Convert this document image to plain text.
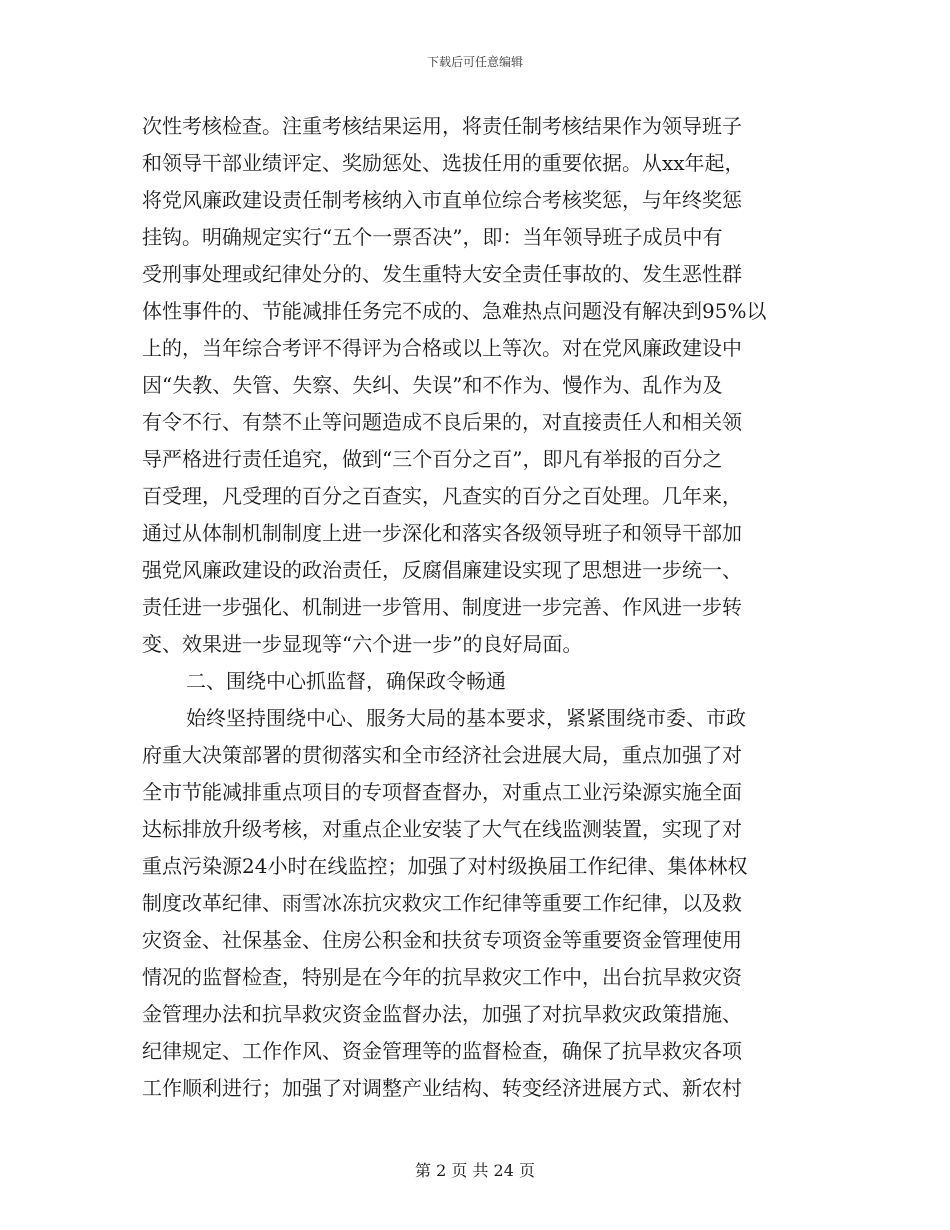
下载后可任意编辑
次性考核检查。注重考核结果运用，将责任制考核结果作为领导班子
和领导干部业绩评定、奖励惩处、选拔任用的重要依据。从xx年起，
将党风廉政建设责任制考核纳入市直单位综合考核奖惩，与年终奖惩
挂钩。明确规定实行“五个一票否决”，即：当年领导班子成员中有
受刑事处理或纪律处分的、发生重特大安全责任事故的、发生恶性群
体性事件的、节能减排任务完不成的、急难热点问题没有解决到95%以
上的，当年综合考评不得评为合格或以上等次。对在党风廉政建设中
因“失教、失管、失察、失纠、失误”和不作为、慢作为、乱作为及
有令不行、有禁不止等问题造成不良后果的，对直接责任人和相关领
导严格进行责任追究，做到“三个百分之百”，即凡有举报的百分之
百受理，凡受理的百分之百查实，凡查实的百分之百处理。几年来，
通过从体制机制制度上进一步深化和落实各级领导班子和领导干部加
强党风廉政建设的政治责任，反腐倡廉建设实现了思想进一步统一、
责任进一步强化、机制进一步管用、制度进一步完善、作风进一步转
变、效果进一步显现等“六个进一步”的良好局面。
二、围绕中心抓监督，确保政令畅通
始终坚持围绕中心、服务大局的基本要求，紧紧围绕市委、市政
府重大决策部署的贯彻落实和全市经济社会进展大局，重点加强了对
全市节能减排重点项目的专项督查督办，对重点工业污染源实施全面
达标排放升级考核，对重点企业安装了大气在线监测装置，实现了对
重点污染源24小时在线监控；加强了对村级换届工作纪律、集体林权
制度改革纪律、雨雪冰冻抗灾救灾工作纪律等重要工作纪律，以及救
灾资金、社保基金、住房公积金和扶贫专项资金等重要资金管理使用
情况的监督检查，特别是在今年的抗旱救灾工作中，出台抗旱救灾资
金管理办法和抗旱救灾资金监督办法，加强了对抗旱救灾政策措施、
纪律规定、工作作风、资金管理等的监督检查，确保了抗旱救灾各项
工作顺利进行；加强了对调整产业结构、转变经济进展方式、新农村
第 2 页 共 24 页
